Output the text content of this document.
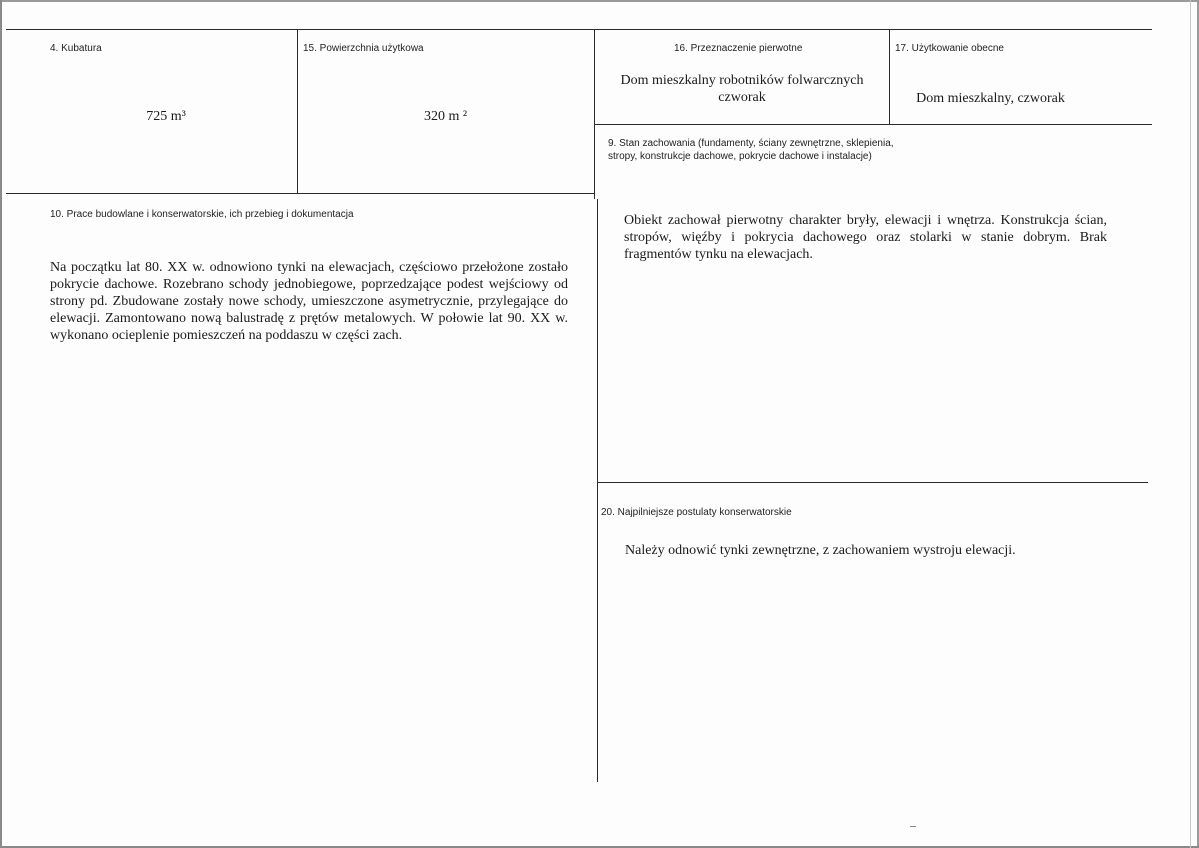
4. Kubatura
725 m³
15. Powierzchnia użytkowa
320 m ²
16. Przeznaczenie pierwotne
Dom mieszkalny robotników folwarcznych
czworak
17. Użytkowanie obecne
Dom mieszkalny, czworak
9. Stan zachowania (fundamenty, ściany zewnętrzne, sklepienia,
stropy, konstrukcje dachowe, pokrycie dachowe i instalacje)
Obiekt zachował pierwotny charakter bryły, elewacji i wnętrza. Konstrukcja ścian, stropów, więźby i pokrycia dachowego oraz stolarki w stanie dobrym. Brak fragmentów tynku na elewacjach.
10. Prace budowlane i konserwatorskie, ich przebieg i dokumentacja
Na początku lat 80. XX w. odnowiono tynki na elewacjach, częściowo przełożone zostało pokrycie dachowe. Rozebrano schody jednobiegowe, poprzedzające podest wejściowy od strony pd. Zbudowane zostały nowe schody, umieszczone asymetrycznie, przylegające do elewacji. Zamontowano nową balustradę z prętów metalowych. W połowie lat 90. XX w. wykonano ocieplenie pomieszczeń na poddaszu w części zach.
20. Najpilniejsze postulaty konserwatorskie
Należy odnowić tynki zewnętrzne, z zachowaniem wystroju elewacji.
